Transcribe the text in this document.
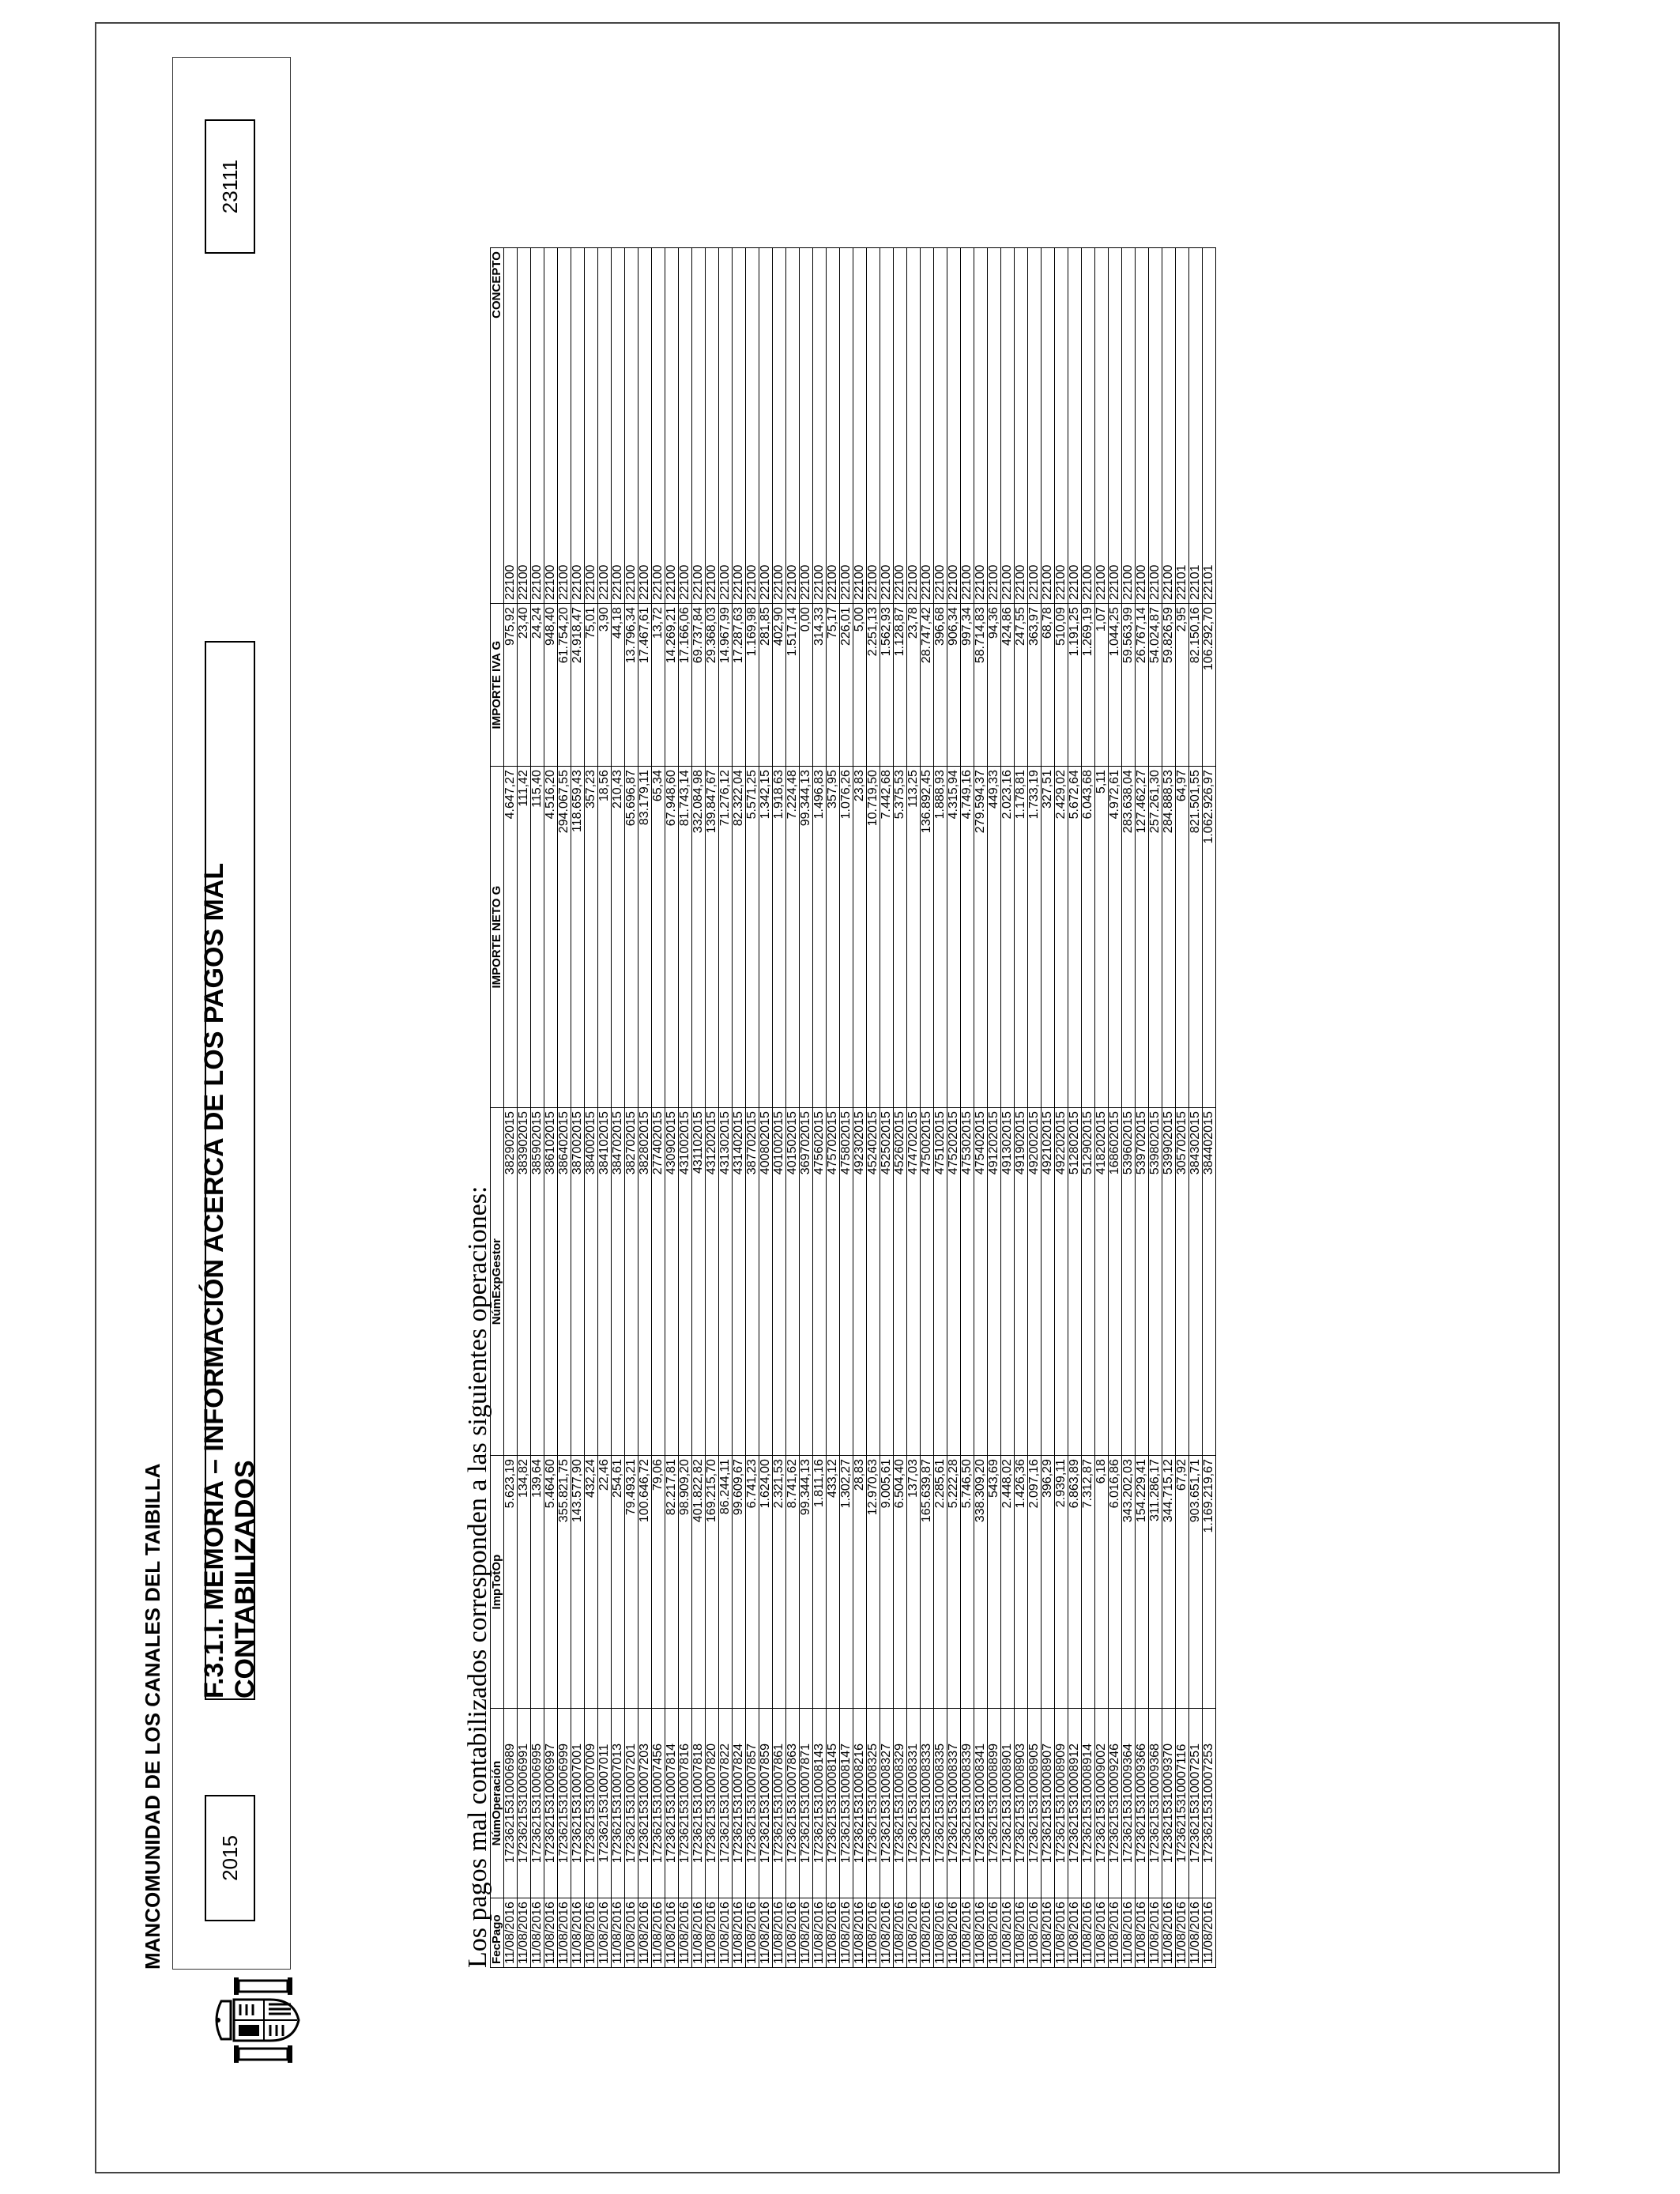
MANCOMUNIDAD DE LOS CANALES DEL TAIBILLA	2015
F.3.1.I. MEMORIA – INFORMACIÓN ACERCA DE LOS PAGOS MAL CONTABILIZADOS
23111
Los pagos mal contabilizados corresponden a las siguientes operaciones:
FecPago	NúmOperación	ImpTotOp	NúmExpGestor	IMPORTE NETO G	IMPORTE IVA G	CONCEPTO
11/08/2016	17236215310006989	5.623,19	382902015	4.647,27	975,92	22100
11/08/2016	17236215310006991	134,82	383902015	111,42	23,40	22100
11/08/2016	17236215310006995	139,64	385902015	115,40	24,24	22100
11/08/2016	17236215310006997	5.464,60	386102015	4.516,20	948,40	22100
11/08/2016	17236215310006999	355.821,75	386402015	294.067,55	61.754,20	22100
11/08/2016	17236215310007001	143.577,90	387002015	118.659,43	24.918,47	22100
11/08/2016	17236215310007009	432,24	384002015	357,23	75,01	22100
11/08/2016	17236215310007011	22,46	384102015	18,56	3,90	22100
11/08/2016	17236215310007013	254,61	384702015	210,43	44,18	22100
11/08/2016	17236215310007201	79.493,21	382702015	65.696,87	13.796,34	22100
11/08/2016	17236215310007203	100.646,72	382802015	83.179,11	17.467,61	22100
11/08/2016	17236215310007456	79,06	277402015	65,34	13,72	22100
11/08/2016	17236215310007814	82.217,81	430902015	67.948,60	14.269,21	22100
11/08/2016	17236215310007816	98.909,20	431002015	81.743,14	17.166,06	22100
11/08/2016	17236215310007818	401.822,82	431102015	332.084,98	69.737,84	22100
11/08/2016	17236215310007820	169.215,70	431202015	139.847,67	29.368,03	22100
11/08/2016	17236215310007822	86.244,11	431302015	71.276,12	14.967,99	22100
11/08/2016	17236215310007824	99.609,67	431402015	82.322,04	17.287,63	22100
11/08/2016	17236215310007857	6.741,23	387702015	5.571,25	1.169,98	22100
11/08/2016	17236215310007859	1.624,00	400802015	1.342,15	281,85	22100
11/08/2016	17236215310007861	2.321,53	401002015	1.918,63	402,90	22100
11/08/2016	17236215310007863	8.741,62	401502015	7.224,48	1.517,14	22100
11/08/2016	17236215310007871	99.344,13	369702015	99.344,13	0,00	22100
11/08/2016	17236215310008143	1.811,16	475602015	1.496,83	314,33	22100
11/08/2016	17236215310008145	433,12	475702015	357,95	75,17	22100
11/08/2016	17236215310008147	1.302,27	475802015	1.076,26	226,01	22100
11/08/2016	17236215310008216	28,83	492302015	23,83	5,00	22100
11/08/2016	17236215310008325	12.970,63	452402015	10.719,50	2.251,13	22100
11/08/2016	17236215310008327	9.005,61	452502015	7.442,68	1.562,93	22100
11/08/2016	17236215310008329	6.504,40	452602015	5.375,53	1.128,87	22100
11/08/2016	17236215310008331	137,03	474702015	113,25	23,78	22100
11/08/2016	17236215310008333	165.639,87	475002015	136.892,45	28.747,42	22100
11/08/2016	17236215310008335	2.285,61	475102015	1.888,93	396,68	22100
11/08/2016	17236215310008337	5.222,28	475202015	4.315,94	906,34	22100
11/08/2016	17236215310008339	5.746,50	475302015	4.749,16	997,34	22100
11/08/2016	17236215310008341	338.309,20	475402015	279.594,37	58.714,83	22100
11/08/2016	17236215310008899	543,69	491202015	449,33	94,36	22100
11/08/2016	17236215310008901	2.448,02	491302015	2.023,16	424,86	22100
11/08/2016	17236215310008903	1.426,36	491902015	1.178,81	247,55	22100
11/08/2016	17236215310008905	2.097,16	492002015	1.733,19	363,97	22100
11/08/2016	17236215310008907	396,29	492102015	327,51	68,78	22100
11/08/2016	17236215310008909	2.939,11	492202015	2.429,02	510,09	22100
11/08/2016	17236215310008912	6.863,89	512802015	5.672,64	1.191,25	22100
11/08/2016	17236215310008914	7.312,87	512902015	6.043,68	1.269,19	22100
11/08/2016	17236215310009002	6,18	418202015	5,11	1,07	22100
11/08/2016	17236215310009246	6.016,86	168602015	4.972,61	1.044,25	22100
11/08/2016	17236215310009364	343.202,03	539602015	283.638,04	59.563,99	22100
11/08/2016	17236215310009366	154.229,41	539702015	127.462,27	26.767,14	22100
11/08/2016	17236215310009368	311.286,17	539802015	257.261,30	54.024,87	22100
11/08/2016	17236215310009370	344.715,12	539902015	284.888,53	59.826,59	22100
11/08/2016	17236215310007116	67,92	305702015	64,97	2,95	22101
11/08/2016	17236215310007251	903.651,71	384302015	821.501,55	82.150,16	22101
11/08/2016	17236215310007253	1.169.219,67	384402015	1.062.926,97	106.292,70	22101
